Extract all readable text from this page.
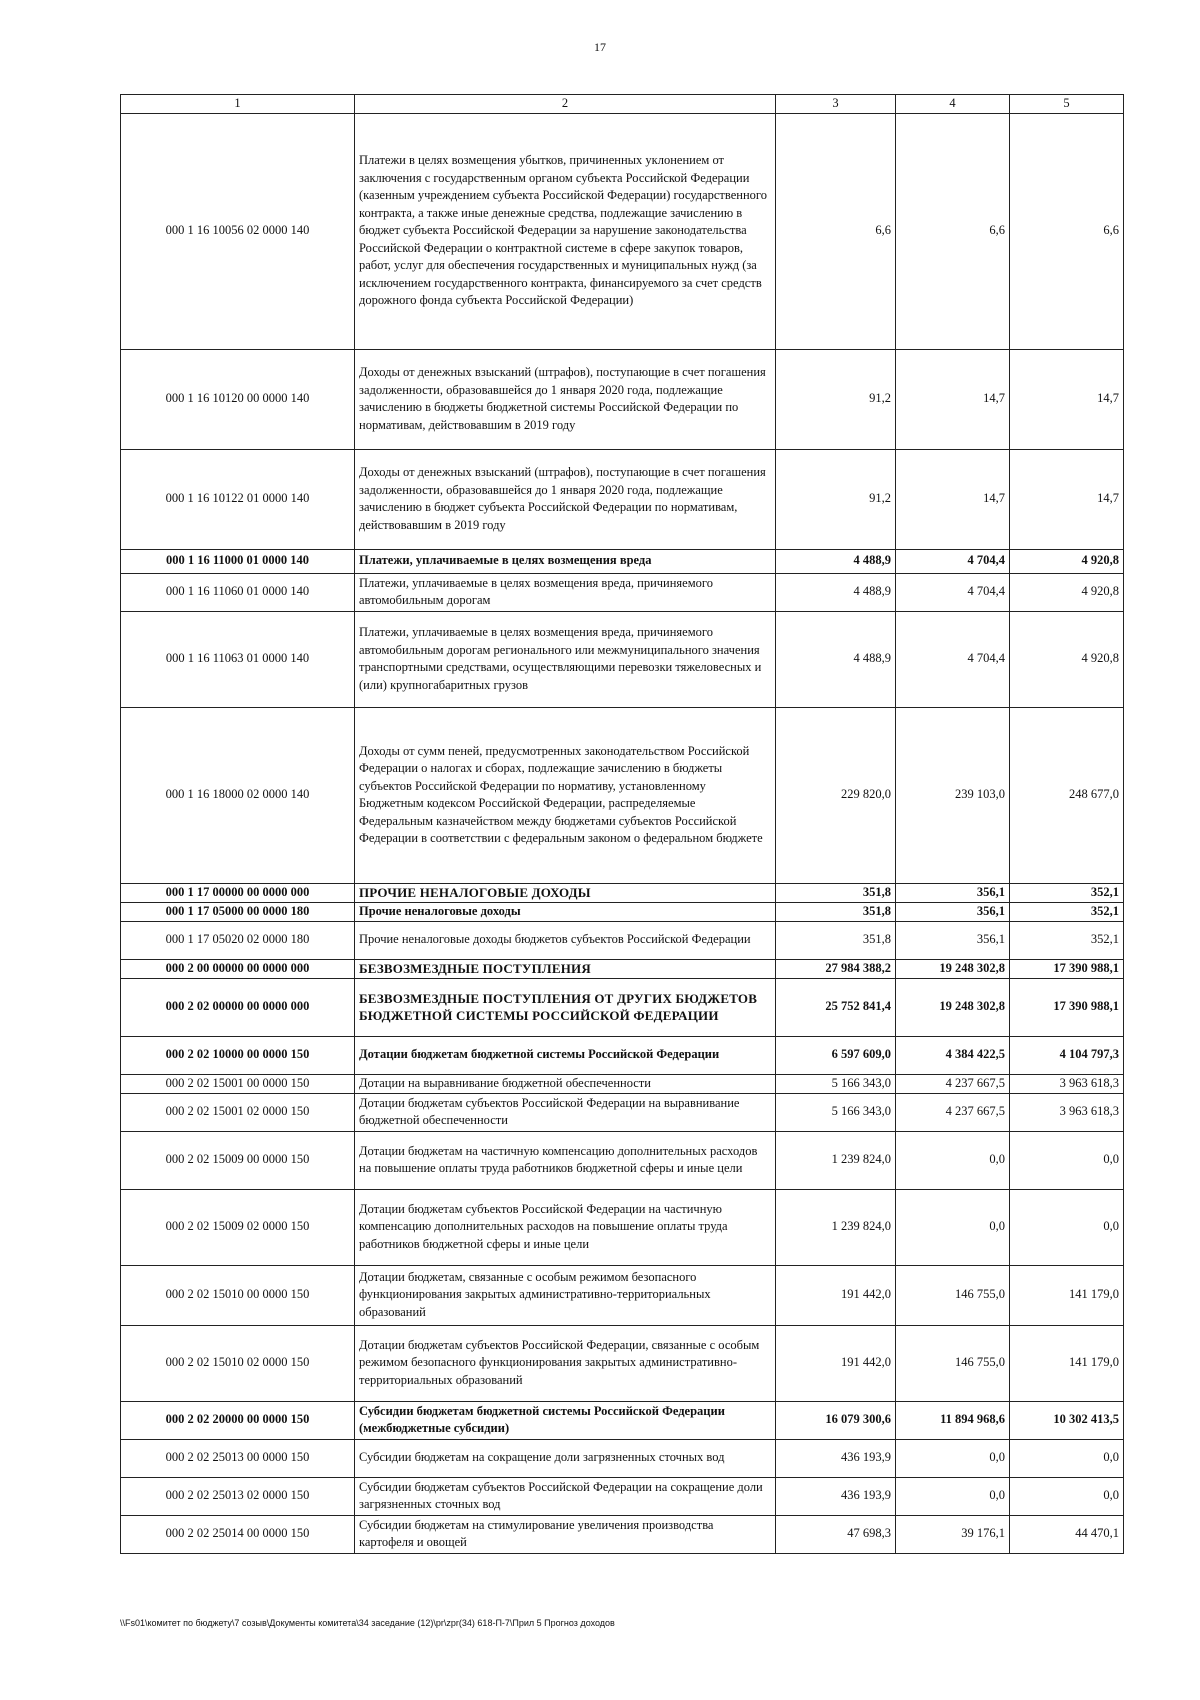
17
1	2	3	4	5
000 1 16 10056 02 0000 140	Платежи в целях возмещения убытков, причиненных уклонением от заключения с государственным органом субъекта Российской Федерации (казенным учреждением субъекта Российской Федерации) государственного контракта, а также иные денежные средства, подлежащие зачислению в бюджет субъекта Российской Федерации за нарушение законодательства Российской Федерации о контрактной системе в сфере закупок товаров, работ, услуг для обеспечения государственных и муниципальных нужд (за исключением государственного контракта, финансируемого за счет средств дорожного фонда субъекта Российской Федерации)	6,6	6,6	6,6
000 1 16 10120 00 0000 140	Доходы от денежных взысканий (штрафов), поступающие в счет погашения задолженности, образовавшейся до 1 января 2020 года, подлежащие зачислению в бюджеты бюджетной системы Российской Федерации по нормативам, действовавшим в 2019 году	91,2	14,7	14,7
000 1 16 10122 01 0000 140	Доходы от денежных взысканий (штрафов), поступающие в счет погашения задолженности, образовавшейся до 1 января 2020 года, подлежащие зачислению в бюджет субъекта Российской Федерации по нормативам, действовавшим в 2019 году	91,2	14,7	14,7
000 1 16 11000 01 0000 140	Платежи, уплачиваемые в целях возмещения вреда	4 488,9	4 704,4	4 920,8
000 1 16 11060 01 0000 140	Платежи, уплачиваемые в целях возмещения вреда, причиняемого автомобильным дорогам	4 488,9	4 704,4	4 920,8
000 1 16 11063 01 0000 140	Платежи, уплачиваемые в целях возмещения вреда, причиняемого автомобильным дорогам регионального или межмуниципального значения транспортными средствами, осуществляющими перевозки тяжеловесных и (или) крупногабаритных грузов	4 488,9	4 704,4	4 920,8
000 1 16 18000 02 0000 140	Доходы от сумм пеней, предусмотренных законодательством Российской Федерации о налогах и сборах, подлежащие зачислению в бюджеты субъектов Российской Федерации по нормативу, установленному Бюджетным кодексом Российской Федерации, распределяемые Федеральным казначейством между бюджетами субъектов Российской Федерации в соответствии с федеральным законом о федеральном бюджете	229 820,0	239 103,0	248 677,0
000 1 17 00000 00 0000 000	ПРОЧИЕ НЕНАЛОГОВЫЕ ДОХОДЫ	351,8	356,1	352,1
000 1 17 05000 00 0000 180	Прочие неналоговые доходы	351,8	356,1	352,1
000 1 17 05020 02 0000 180	Прочие неналоговые доходы бюджетов субъектов Российской Федерации	351,8	356,1	352,1
000 2 00 00000 00 0000 000	БЕЗВОЗМЕЗДНЫЕ ПОСТУПЛЕНИЯ	27 984 388,2	19 248 302,8	17 390 988,1
000 2 02 00000 00 0000 000	БЕЗВОЗМЕЗДНЫЕ ПОСТУПЛЕНИЯ ОТ ДРУГИХ БЮДЖЕТОВ БЮДЖЕТНОЙ СИСТЕМЫ РОССИЙСКОЙ ФЕДЕРАЦИИ	25 752 841,4	19 248 302,8	17 390 988,1
000 2 02 10000 00 0000 150	Дотации бюджетам бюджетной системы Российской Федерации	6 597 609,0	4 384 422,5	4 104 797,3
000 2 02 15001 00 0000 150	Дотации на выравнивание бюджетной обеспеченности	5 166 343,0	4 237 667,5	3 963 618,3
000 2 02 15001 02 0000 150	Дотации бюджетам субъектов Российской Федерации на выравнивание бюджетной обеспеченности	5 166 343,0	4 237 667,5	3 963 618,3
000 2 02 15009 00 0000 150	Дотации бюджетам на частичную компенсацию дополнительных расходов на повышение оплаты труда работников бюджетной сферы и иные цели	1 239 824,0	0,0	0,0
000 2 02 15009 02 0000 150	Дотации бюджетам субъектов Российской Федерации на частичную компенсацию дополнительных расходов на повышение оплаты труда работников бюджетной сферы и иные цели	1 239 824,0	0,0	0,0
000 2 02 15010 00 0000 150	Дотации бюджетам, связанные с особым режимом безопасного функционирования закрытых административно-территориальных образований	191 442,0	146 755,0	141 179,0
000 2 02 15010 02 0000 150	Дотации бюджетам субъектов Российской Федерации, связанные с особым режимом безопасного функционирования закрытых административно-территориальных образований	191 442,0	146 755,0	141 179,0
000 2 02 20000 00 0000 150	Субсидии бюджетам бюджетной системы Российской Федерации (межбюджетные субсидии)	16 079 300,6	11 894 968,6	10 302 413,5
000 2 02 25013 00 0000 150	Субсидии бюджетам на сокращение доли загрязненных сточных вод	436 193,9	0,0	0,0
000 2 02 25013 02 0000 150	Субсидии бюджетам субъектов Российской Федерации на сокращение доли загрязненных сточных вод	436 193,9	0,0	0,0
000 2 02 25014 00 0000 150	Субсидии бюджетам на стимулирование увеличения производства картофеля и овощей	47 698,3	39 176,1	44 470,1
\\Fs01\комитет по бюджету\7 созыв\Документы комитета\34 заседание (12)\pr\zpr(34) 618-П-7\Прил 5 Прогноз доходов
